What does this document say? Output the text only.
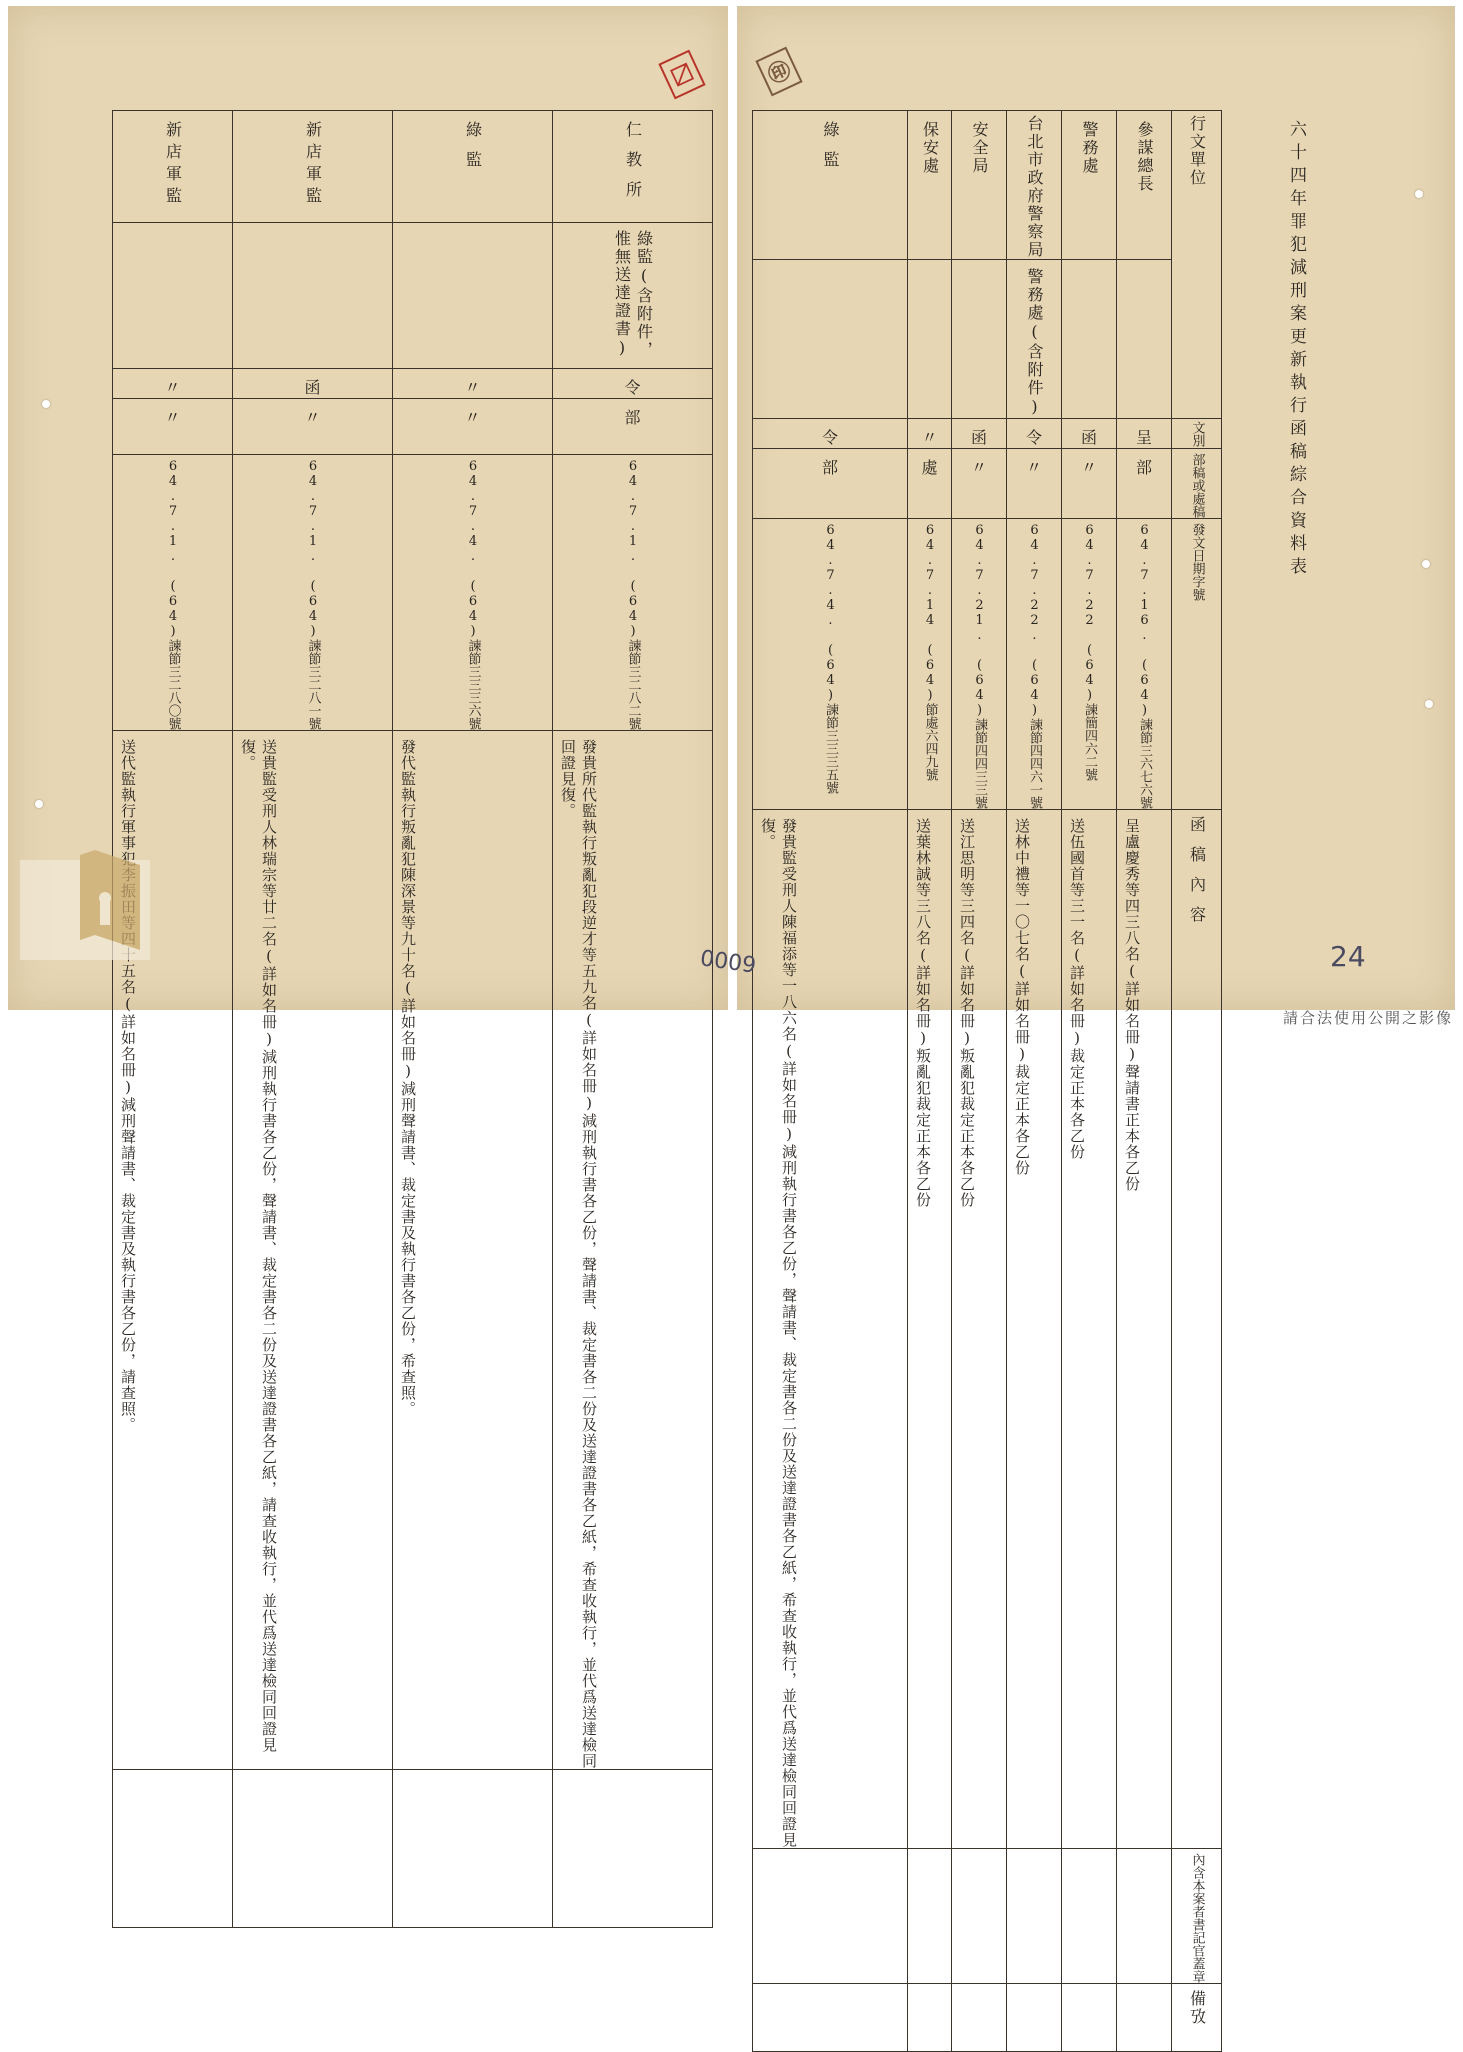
〼	㊞
六十四年罪犯減刑案更新執行函稿綜合資料表
綠監	保安處	安全局	台北市政府警察局	警務處	參謀總長	行文單位	

			警務處(含附件)				

令	〃	函	令	函	呈	文別	

部	處	〃	〃	〃	部	部稿或處稿	

64.7.4. (64)諫節三三三五號	64.7.14 (64)節處六四九號	64.7.21. (64)諫節四四三三號	64.7.22. (64)諫節四四六一號	64.7.22 (64)諫簡四六二號	64.7.16. (64)諫節三六七六號	發文日期字號	

發貴監受刑人陳福添等一八六名(詳如名冊)減刑執行書各乙份，聲請書、裁定書各二份及送達證書各乙紙，希查收執行，並代爲送達檢同回證見復。	送葉林誠等三八名(詳如名冊)叛亂犯裁定正本各乙份	送江思明等三四名(詳如名冊)叛亂犯裁定正本各乙份	送林中禮等一〇七名(詳如名冊)裁定正本各乙份	送伍國首等三一名(詳如名冊)裁定正本各乙份	呈盧慶秀等四三八名(詳如名冊)聲請書正本各乙份	函稿內容	

						內含本案者書記官蓋章	

						備攷	

新店軍監	新店軍監	綠監	仁教所

			綠監(含附件，惟無送達證書)

〃	函	〃	令
〃	〃	〃	部

64.7.1. (64)諫節三二八〇號	64.7.1. (64)諫節三二八一號	64.7.4. (64)諫節三三三六號	64.7.1. (64)諫節三二八二號

送代監執行軍事犯李振田等四十五名(詳如名冊)減刑聲請書、裁定書及執行書各乙份，請查照。	送貴監受刑人林瑞宗等廿二名(詳如名冊)減刑執行書各乙份，聲請書、裁定書各二份及送達證書各乙紙，請查收執行，並代爲送達檢同回證見復。	發代監執行叛亂犯陳深景等九十名(詳如名冊)減刑聲請書、裁定書及執行書各乙份，希查照。	發貴所代監執行叛亂犯段逆才等五九名(詳如名冊)減刑執行書各乙份，聲請書、裁定書各二份及送達證書各乙紙，希查收執行，並代爲送達檢同回證見復。

				0009	24
請合法使用公開之影像
